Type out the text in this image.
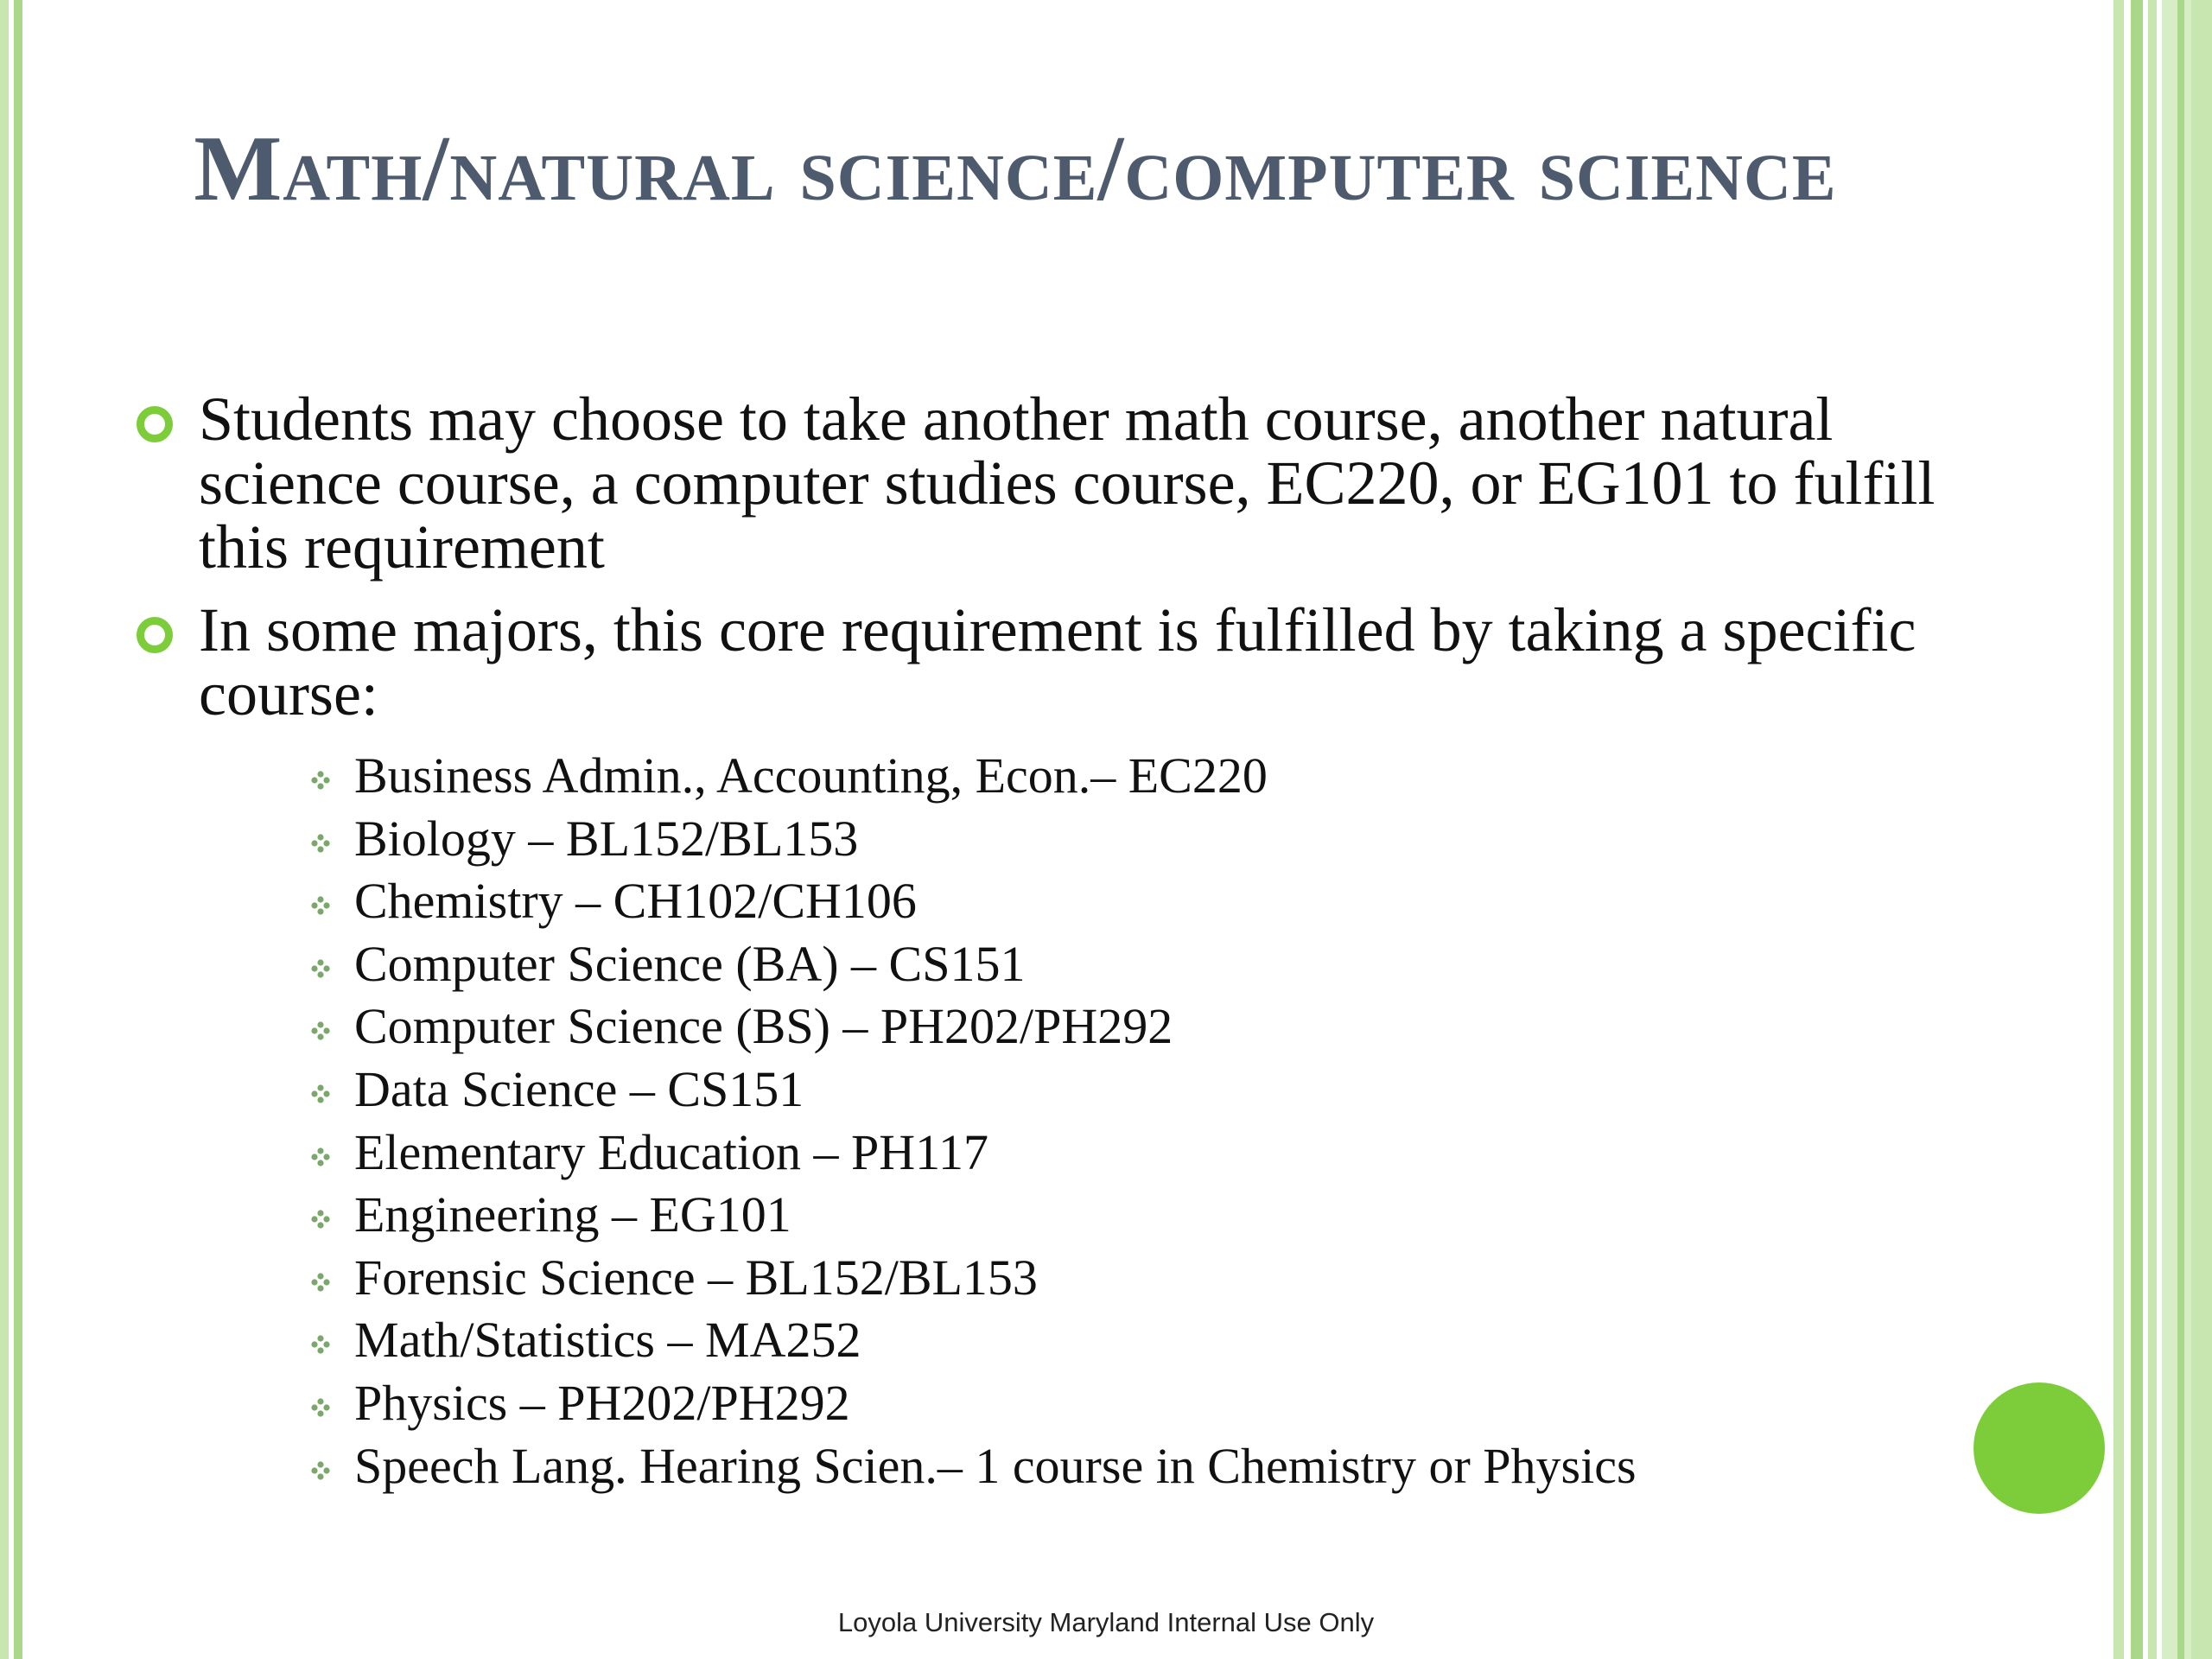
Math/natural science/computer science
Students may choose to take another math course, another natural science course, a computer studies course, EC220, or EG101 to fulfill this requirement
In some majors, this core requirement is fulfilled by taking a specific course:
Business Admin., Accounting, Econ.– EC220
Biology – BL152/BL153
Chemistry – CH102/CH106
Computer Science (BA) – CS151
Computer Science (BS) – PH202/PH292
Data Science – CS151
Elementary Education – PH117
Engineering – EG101
Forensic Science – BL152/BL153
Math/Statistics – MA252
Physics – PH202/PH292
Speech Lang. Hearing Scien.– 1 course in Chemistry or Physics
Loyola University Maryland Internal Use Only
